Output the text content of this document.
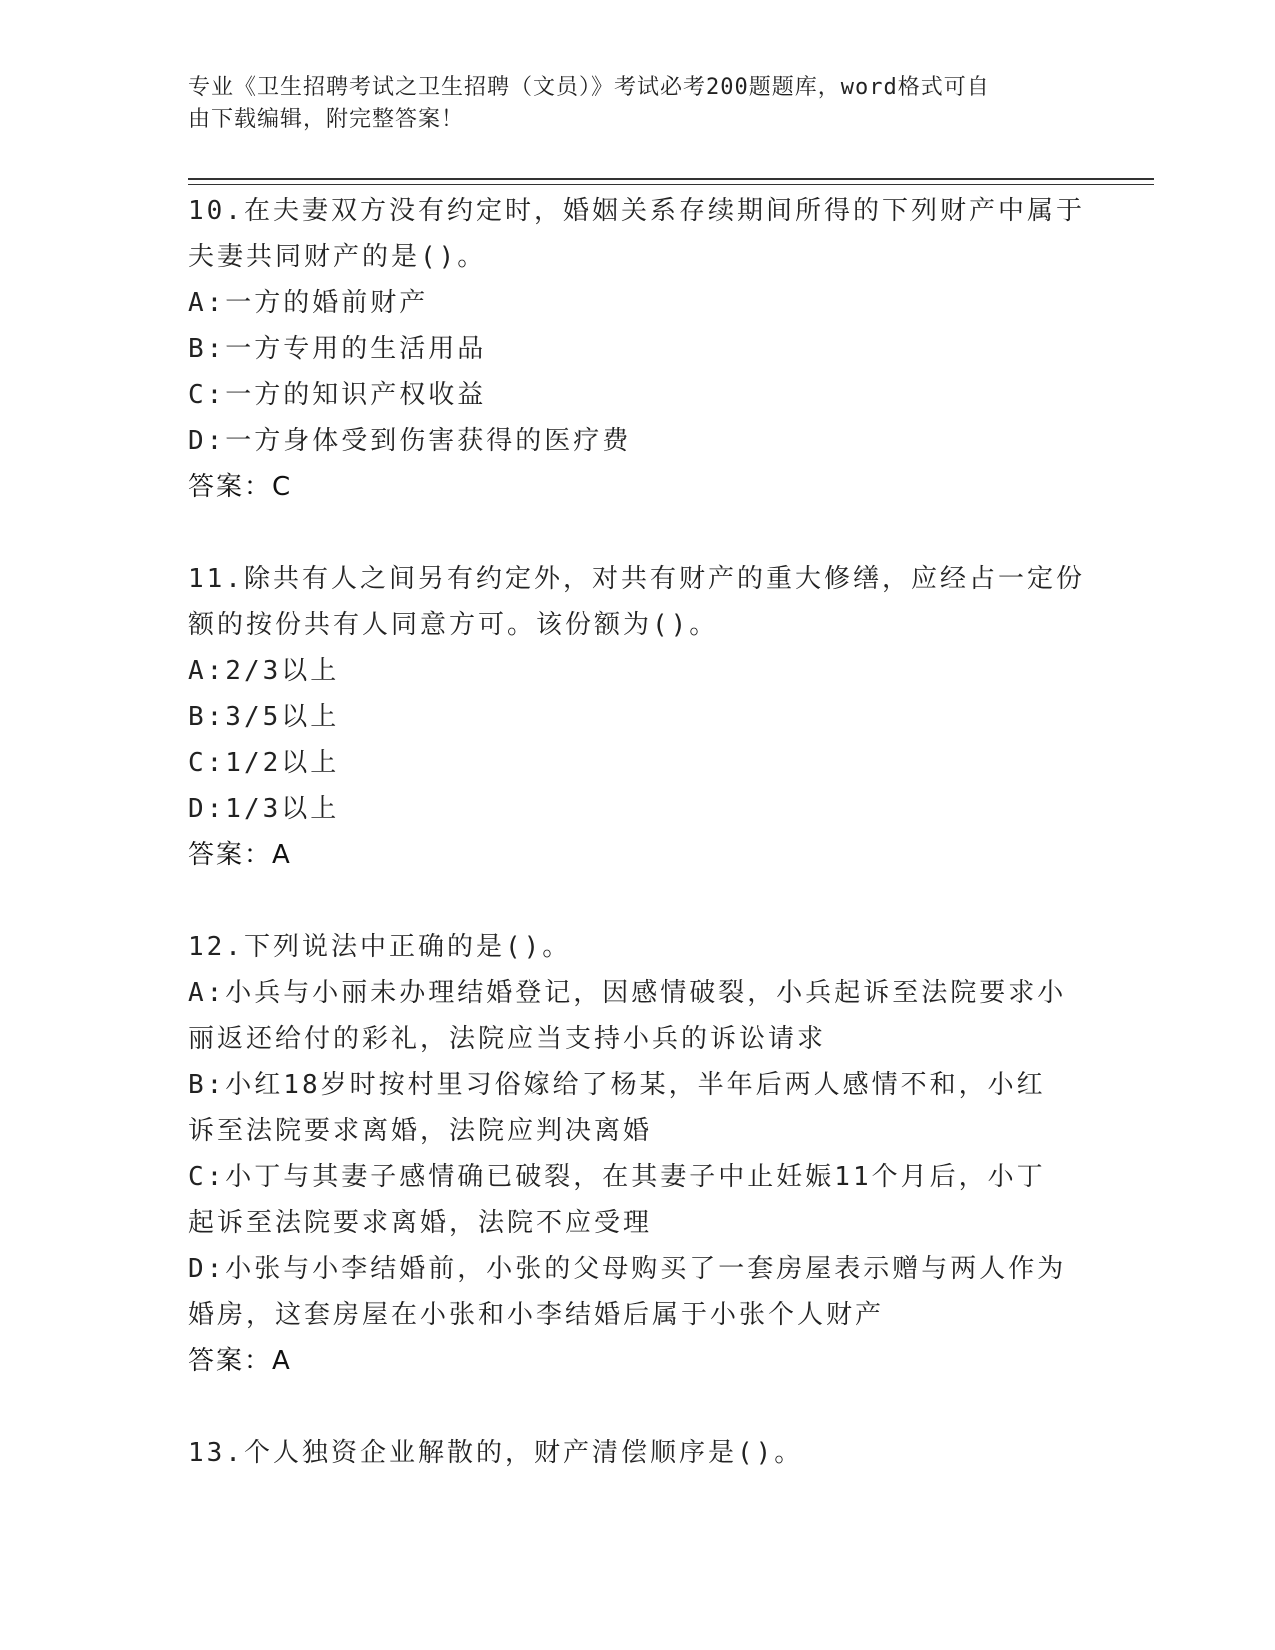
专业《卫生招聘考试之卫生招聘（文员）》考试必考200题题库，word格式可自
由下载编辑，附完整答案！
10.在夫妻双方没有约定时，婚姻关系存续期间所得的下列财产中属于
夫妻共同财产的是()。
A:一方的婚前财产
B:一方专用的生活用品
C:一方的知识产权收益
D:一方身体受到伤害获得的医疗费
答案：C
11.除共有人之间另有约定外，对共有财产的重大修缮，应经占一定份
额的按份共有人同意方可。该份额为()。
A:2/3以上
B:3/5以上
C:1/2以上
D:1/3以上
答案：A
12.下列说法中正确的是()。
A:小兵与小丽未办理结婚登记，因感情破裂，小兵起诉至法院要求小
丽返还给付的彩礼，法院应当支持小兵的诉讼请求
B:小红18岁时按村里习俗嫁给了杨某，半年后两人感情不和，小红
诉至法院要求离婚，法院应判决离婚
C:小丁与其妻子感情确已破裂，在其妻子中止妊娠11个月后，小丁
起诉至法院要求离婚，法院不应受理
D:小张与小李结婚前，小张的父母购买了一套房屋表示赠与两人作为
婚房，这套房屋在小张和小李结婚后属于小张个人财产
答案：A
13.个人独资企业解散的，财产清偿顺序是()。
